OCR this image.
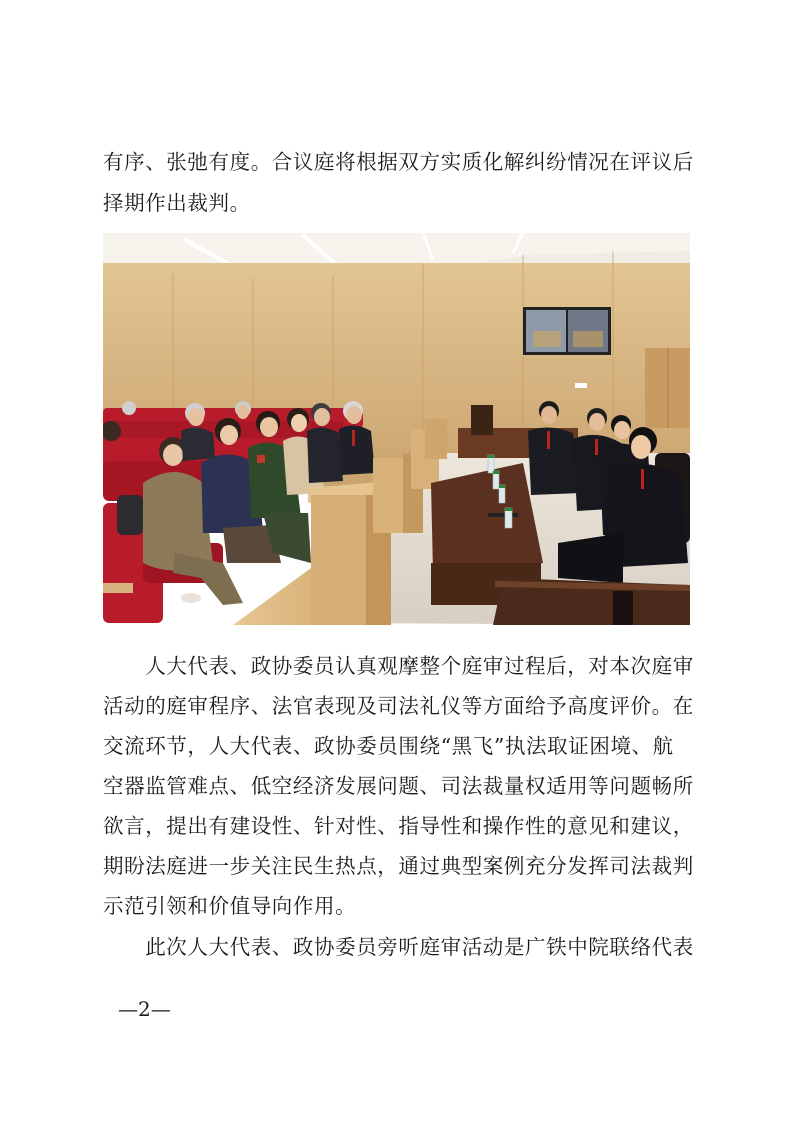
有序、张弛有度。合议庭将根据双方实质化解纠纷情况在评议后
择期作出裁判。
　　人大代表、政协委员认真观摩整个庭审过程后，对本次庭审
活动的庭审程序、法官表现及司法礼仪等方面给予高度评价。在
交流环节，人大代表、政协委员围绕“黑飞”执法取证困境、航
空器监管难点、低空经济发展问题、司法裁量权适用等问题畅所
欲言，提出有建设性、针对性、指导性和操作性的意见和建议，
期盼法庭进一步关注民生热点，通过典型案例充分发挥司法裁判
示范引领和价值导向作用。
　　此次人大代表、政协委员旁听庭审活动是广铁中院联络代表
—2—
